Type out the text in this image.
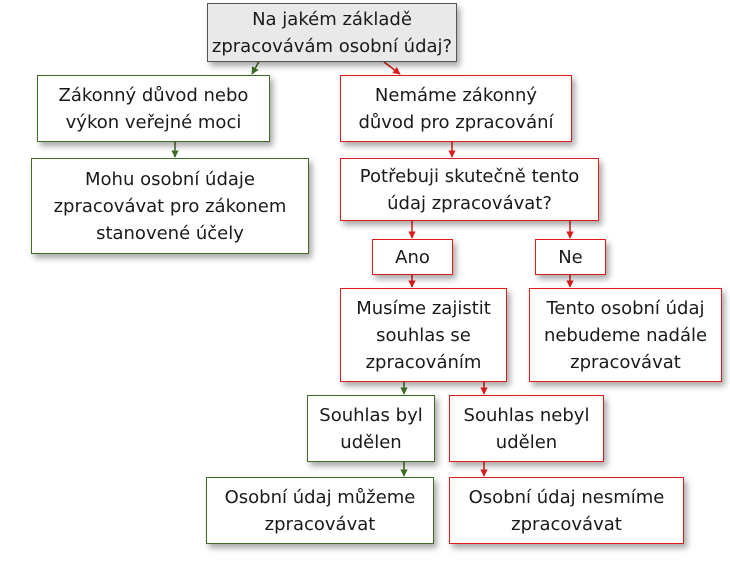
Na jakém základě
zpracovávám osobní údaj?
Zákonný důvod nebo
výkon veřejné moci
Mohu osobní údaje
zpracovávat pro zákonem
stanovené účely
Nemáme zákonný
důvod pro zpracování
Potřebuji skutečně tento
údaj zpracovávat?
Ano	Ne
Musíme zajistit
souhlas se
zpracováním
Tento osobní údaj
nebudeme nadále
zpracovávat
Souhlas byl
udělen
Souhlas nebyl
udělen
Osobní údaj můžeme
zpracovávat
Osobní údaj nesmíme
zpracovávat
